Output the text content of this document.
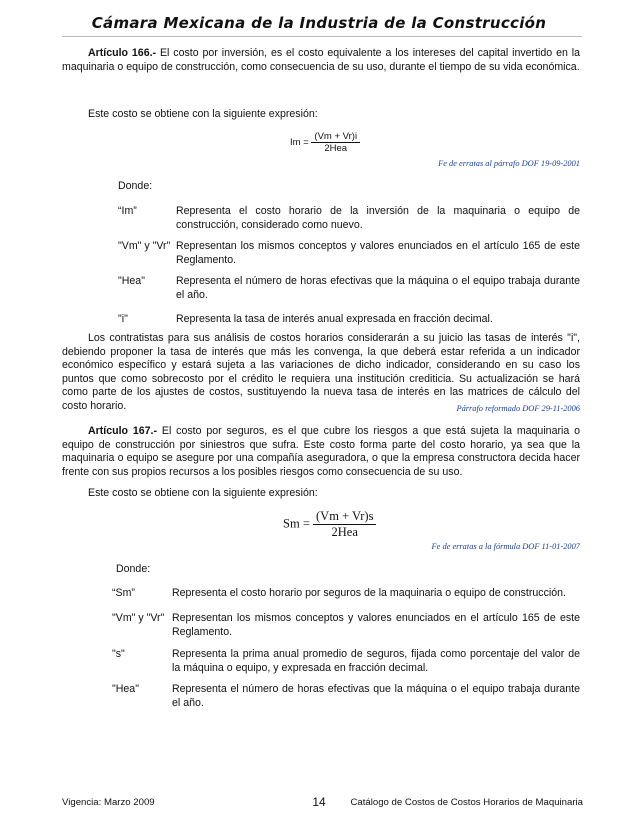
Cámara Mexicana de la Industria de la Construcción
Artículo 166.- El costo por inversión, es el costo equivalente a los intereses del capital invertido en la maquinaria o equipo de construcción, como consecuencia de su uso, durante el tiempo de su vida económica.
Este costo se obtiene con la siguiente expresión:
$Im = \frac{(Vm + Vr)i}{\text{2Hea}}$
Fe de erratas al párrafo DOF 19-09-2001
Donde:
“Im”	Representa el costo horario de la inversión de la maquinaria o equipo de construcción, considerado como nuevo.
"Vm" y "Vr" Representan los mismos conceptos y valores enunciados en el artículo 165 de este Reglamento.
"Hea"	Representa el número de horas efectivas que la máquina o el equipo trabaja durante el año.
"i"	Representa la tasa de interés anual expresada en fracción decimal.
Los contratistas para sus análisis de costos horarios considerarán a su juicio las tasas de interés "i", debiendo proponer la tasa de interés que más les convenga, la que deberá estar referida a un indicador económico específico y estará sujeta a las variaciones de dicho indicador, considerando en su caso los puntos que como sobrecosto por el crédito le requiera una institución crediticia. Su actualización se hará como parte de los ajustes de costos, sustituyendo la nueva tasa de interés en las matrices de cálculo del costo horario.	Párrafo reformado DOF 29-11-2006
Artículo 167.- El costo por seguros, es el que cubre los riesgos a que está sujeta la maquinaria o equipo de construcción por siniestros que sufra. Este costo forma parte del costo horario, ya sea que la maquinaria o equipo se asegure por una compañía aseguradora, o que la empresa constructora decida hacer frente con sus propios recursos a los posibles riesgos como consecuencia de su uso.
Este costo se obtiene con la siguiente expresión:
$Sm = \frac{(Vm + Vr)s}{\text{2Hea}}$
Fe de erratas a la fórmula DOF 11-01-2007
Donde:
“Sm”	Representa el costo horario por seguros de la maquinaria o equipo de construcción.
"Vm" y "Vr" Representan los mismos conceptos y valores enunciados en el artículo 165 de este Reglamento.
"s"	Representa la prima anual promedio de seguros, fijada como porcentaje del valor de la máquina o equipo, y expresada en fracción decimal.
"Hea"	Representa el número de horas efectivas que la máquina o el equipo trabaja durante el año.
Vigencia: Marzo 2009	14	Catálogo de Costos de Costos Horarios de Maquinaria
